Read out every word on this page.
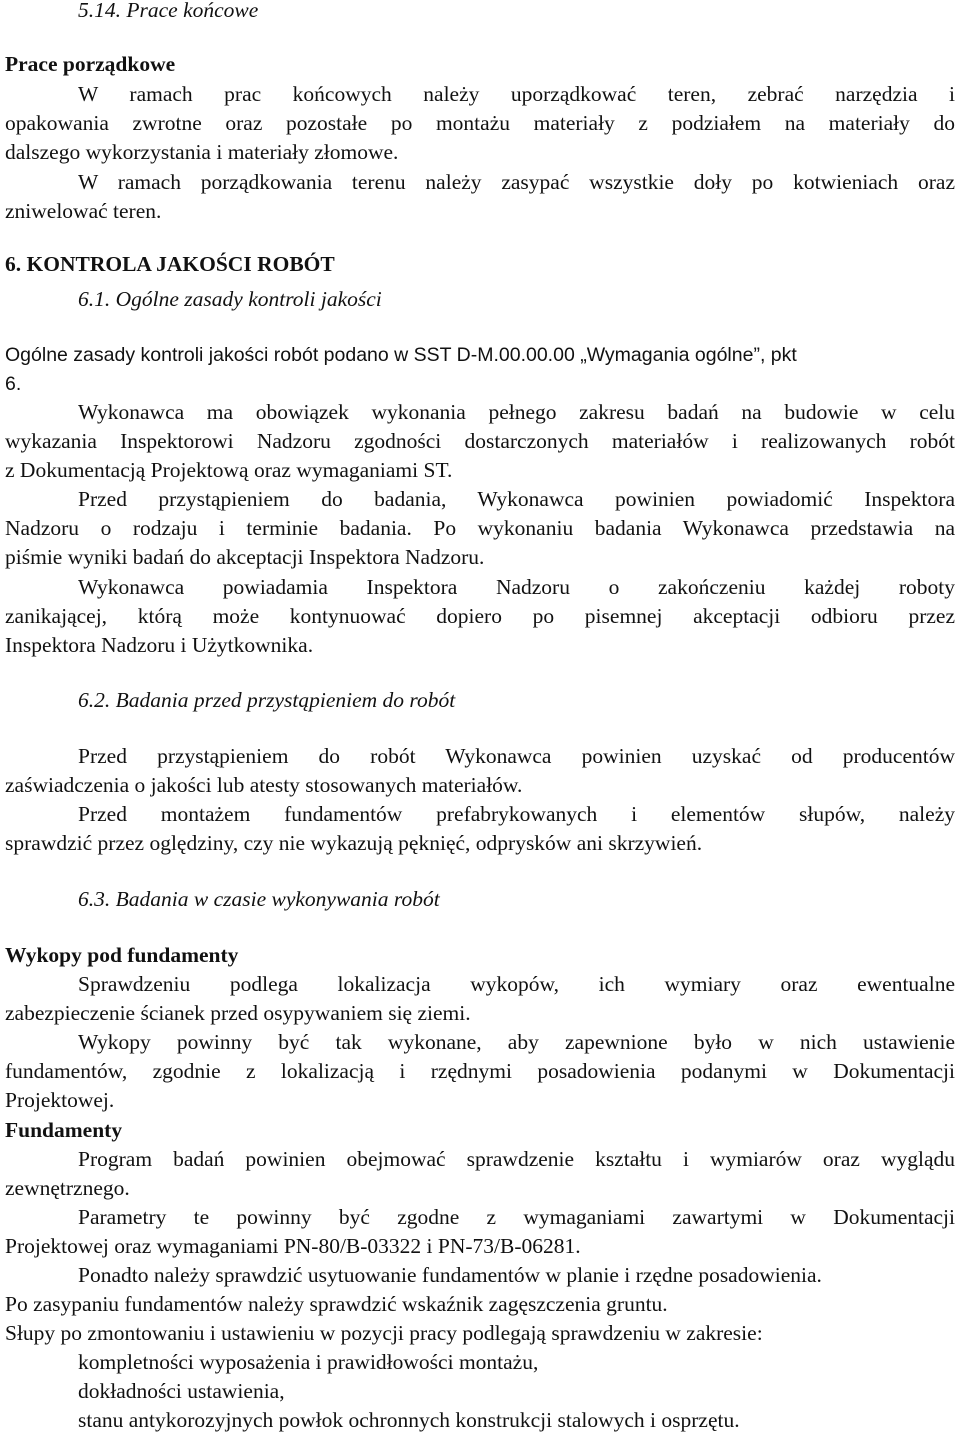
5.14. Prace końcowe
Prace porządkowe
W ramach prac końcowych należy uporządkować teren, zebrać narzędzia i
opakowania zwrotne oraz pozostałe po montażu materiały z podziałem na materiały do
dalszego wykorzystania i materiały złomowe.
W ramach porządkowania terenu należy zasypać wszystkie doły po kotwieniach oraz
zniwelować teren.
6. KONTROLA JAKOŚCI ROBÓT
6.1. Ogólne zasady kontroli jakości
Ogólne zasady kontroli jakości robót podano w SST D-M.00.00.00 „Wymagania ogólne”, pkt
6.
Wykonawca ma obowiązek wykonania pełnego zakresu badań na budowie w celu
wykazania Inspektorowi Nadzoru zgodności dostarczonych materiałów i realizowanych robót
z Dokumentacją Projektową oraz wymaganiami ST.
Przed przystąpieniem do badania, Wykonawca powinien powiadomić Inspektora
Nadzoru o rodzaju i terminie badania. Po wykonaniu badania Wykonawca przedstawia na
piśmie wyniki badań do akceptacji Inspektora Nadzoru.
Wykonawca powiadamia Inspektora Nadzoru o zakończeniu każdej roboty
zanikającej, którą może kontynuować dopiero po pisemnej akceptacji odbioru przez
Inspektora Nadzoru i Użytkownika.
6.2. Badania przed przystąpieniem do robót
Przed przystąpieniem do robót Wykonawca powinien uzyskać od producentów
zaświadczenia o jakości lub atesty stosowanych materiałów.
Przed montażem fundamentów prefabrykowanych i elementów słupów, należy
sprawdzić przez oględziny, czy nie wykazują pęknięć, odprysków ani skrzywień.
6.3. Badania w czasie wykonywania robót
Wykopy pod fundamenty
Sprawdzeniu podlega lokalizacja wykopów, ich wymiary oraz ewentualne
zabezpieczenie ścianek przed osypywaniem się ziemi.
Wykopy powinny być tak wykonane, aby zapewnione było w nich ustawienie
fundamentów, zgodnie z lokalizacją i rzędnymi posadowienia podanymi w Dokumentacji
Projektowej.
Fundamenty
Program badań powinien obejmować sprawdzenie kształtu i wymiarów oraz wyglądu
zewnętrznego.
Parametry te powinny być zgodne z wymaganiami zawartymi w Dokumentacji
Projektowej oraz wymaganiami PN-80/B-03322 i PN-73/B-06281.
Ponadto należy sprawdzić usytuowanie fundamentów w planie i rzędne posadowienia.
Po zasypaniu fundamentów należy sprawdzić wskaźnik zagęszczenia gruntu.
Słupy po zmontowaniu i ustawieniu w pozycji pracy podlegają sprawdzeniu w zakresie:
kompletności wyposażenia i prawidłowości montażu,
dokładności ustawienia,
stanu antykorozyjnych powłok ochronnych konstrukcji stalowych i osprzętu.
